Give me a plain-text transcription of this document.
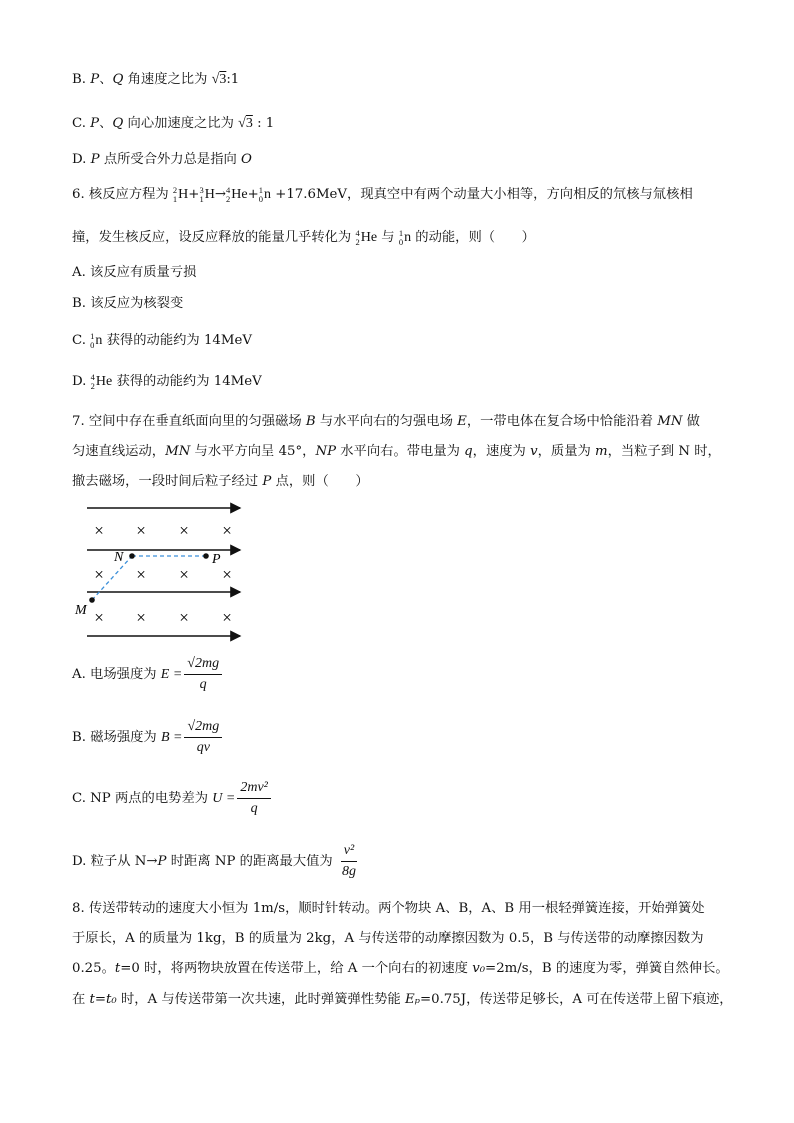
B. P、Q 角速度之比为 √3:1
C. P、Q 向心加速度之比为 √3 : 1
D. P 点所受合外力总是指向 O
6. 核反应方程为 2
1 H+ 3
1 H→ 4
2 He+ 1
0 n +17.6MeV，现真空中有两个动量大小相等，方向相反的氘核与氚核相
撞，发生核反应，设反应释放的能量几乎转化为 4
2 He 与 1
0 n 的动能，则（　　）
A. 该反应有质量亏损
B. 该反应为核裂变
C. 1
0 n 获得的动能约为 14MeV
D. 4
2 He 获得的动能约为 14MeV
7. 空间中存在垂直纸面向里的匀强磁场 B 与水平向右的匀强电场 E，一带电体在复合场中恰能沿着 MN 做
匀速直线运动，MN 与水平方向呈 45°，NP 水平向右。带电量为 q，速度为 v，质量为 m，当粒子到 N 时，
撤去磁场，一段时间后粒子经过 P 点，则（　　）
× × × ×
× × × ×
× × × ×
N	P
M
A. 电场强度为 $E = \frac{√2mg}{q}$
B. 磁场强度为 $B = \frac{√2mg}{qv}$
C. NP 两点的电势差为 $U = \frac{\text{2mv²}}{q}$
D. 粒子从 N→P 时距离 NP 的距离最大值为 $\frac{\text{v²}}{8g}$
8. 传送带转动的速度大小恒为 1m/s，顺时针转动。两个物块 A、B，A、B 用一根轻弹簧连接，开始弹簧处
于原长，A 的质量为 1kg，B 的质量为 2kg，A 与传送带的动摩擦因数为 0.5，B 与传送带的动摩擦因数为
0.25。t=0 时，将两物块放置在传送带上，给 A 一个向右的初速度 v₀=2m/s，B 的速度为零，弹簧自然伸长。
在 t=t₀ 时，A 与传送带第一次共速，此时弹簧弹性势能 Eₚ=0.75J，传送带足够长，A 可在传送带上留下痕迹，
